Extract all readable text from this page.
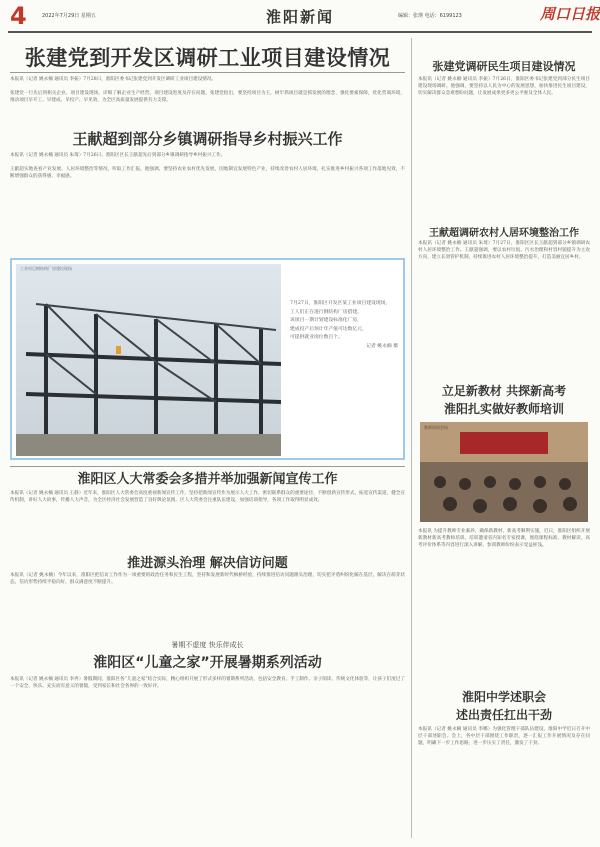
4	2022年7月29日 星期五	淮阳新闻	编辑：张瑛 电话：6199123	周口日报
张建党到开发区调研工业项目建设情况
本报讯（记者 姚永楠 通讯员 李振）7月28日，淮阳区委书记张建党到开发区调研工业项目建设情况。
张建党一行先后到相关企业、项目建设现场，详细了解企业生产经营、项目建设进度及存在问题。张建党指出，要坚持项目为王，树牢抓项目就是抓发展的理念，强化要素保障，优化营商环境，推动项目早开工、早建成、早投产、早见效，为全区高质量发展提供有力支撑。
王献超到部分乡镇调研指导乡村振兴工作
本报讯（记者 姚永楠 通讯员 朱琦）7月26日，淮阳区区长王献超先后到部分乡镇调研指导乡村振兴工作。
王献超实地查看产业发展、人居环境整治等情况，听取工作汇报。他强调，要坚持农业农村优先发展，因地制宜发展特色产业，持续改善农村人居环境，扎实推进乡村振兴各项工作落地见效，不断增强群众的获得感、幸福感。
工业项目钢结构厂房建设现场
7月27日，淮阳区开发区某工业项目建设现场，
工人们正在进行钢结构厂房搭建。
该项目一期计划建设标准化厂房，
建成投产后预计年产值可达数亿元，
可提供就业岗位数百个。
记者 姚永楠 摄
张建党调研民生项目建设情况
本报讯（记者 姚永楠 通讯员 李振）7月26日，淮阳区委书记张建党到部分民生项目建设现场调研。他强调，要坚持以人民为中心的发展思想，加快推进民生项目建设，切实解决群众急难愁盼问题，让发展成果更多更公平惠及全体人民。
王献超调研农村人居环境整治工作
本报讯（记者 姚永楠 通讯员 朱琦）7月27日，淮阳区区长王献超到部分乡镇调研农村人居环境整治工作。王献超强调，要以农村垃圾、污水治理和村容村貌提升为主攻方向，建立长效管护机制，持续推进农村人居环境整治提升，打造美丽宜居乡村。
立足新教材 共探新高考
淮阳扎实做好教师培训
教师培训会场
淮阳区人大常委会多措并举加强新闻宣传工作
本报讯（记者 姚永楠 通讯员 王静）近年来，淮阳区人大常委会高度重视新闻宣传工作，坚持把新闻宣传作为展示人大工作、密切联系群众的重要途径，不断创新宣传形式，拓宽宣传渠道，健全宣传机制，讲好人大故事，传播人大声音，为全区经济社会发展营造了良好舆论氛围。区人大常委会注重队伍建设，加强培训指导，各项工作取得明显成效。
本报讯 为提升教师专业素养，确保新教材、新高考顺利实施，近日，淮阳区组织开展新教材新高考教师培训。培训邀请省内知名专家授课，围绕课程标准、教材解读、高考评价体系等内容进行深入讲解，参训教师纷纷表示受益匪浅。
推进源头治理 解决信访问题
本报讯（记者 姚永楠）今年以来，淮阳区把信访工作作为一项重要的政治任务和民生工程，坚持和发展新时代枫桥经验，持续推进信访问题源头治理，切实把矛盾纠纷化解在基层、解决在萌芽状态，信访形势持续平稳向好，群众满意度不断提升。
淮阳中学述职会
述出责任扛出干劲
本报讯（记者 姚永楠 通讯员 李娜）为强化管理干部队伍建设，淮阳中学近日召开中层干部述职会。会上，各中层干部围绕工作职责，逐一汇报工作开展情况及存在问题，明确下一步工作思路，进一步压实了责任，激发了干劲。
暑期不虚度 快乐伴成长
淮阳区“儿童之家”开展暑期系列活动
本报讯（记者 姚永楠 通讯员 李冉）暑假期间，淮阳区各“儿童之家”结合实际，精心组织开展了形式多样的暑期系列活动，包括安全教育、手工制作、亲子阅读、传统文化体验等，让孩子们度过了一个安全、快乐、充实而有意义的暑假，受到家长和社会各界的一致好评。
